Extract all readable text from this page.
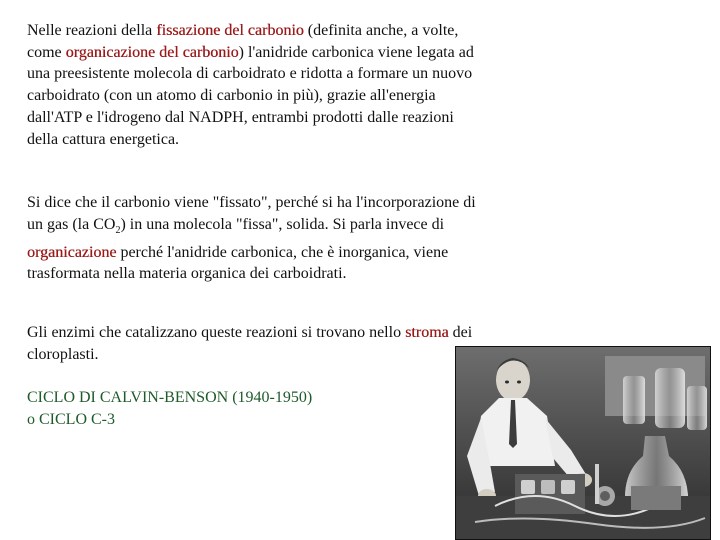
Nelle reazioni della fissazione del carbonio (definita anche, a volte, come organicazione del carbonio) l'anidride carbonica viene legata ad una preesistente molecola di carboidrato e ridotta a formare un nuovo carboidrato (con un atomo di carbonio in più), grazie all'energia dall'ATP e l'idrogeno dal NADPH, entrambi prodotti dalle reazioni della cattura energetica.

Si dice che il carbonio viene "fissato", perché si ha l'incorporazione di un gas (la $CO_2$) in una molecola "fissa", solida. Si parla invece di organicazione perché l'anidride carbonica, che è inorganica, viene trasformata nella materia organica dei carboidrati.

Gli enzimi che catalizzano queste reazioni si trovano nello stroma dei cloroplasti.

CICLO DI CALVIN-BENSON (1940-1950)
o CICLO C-3
